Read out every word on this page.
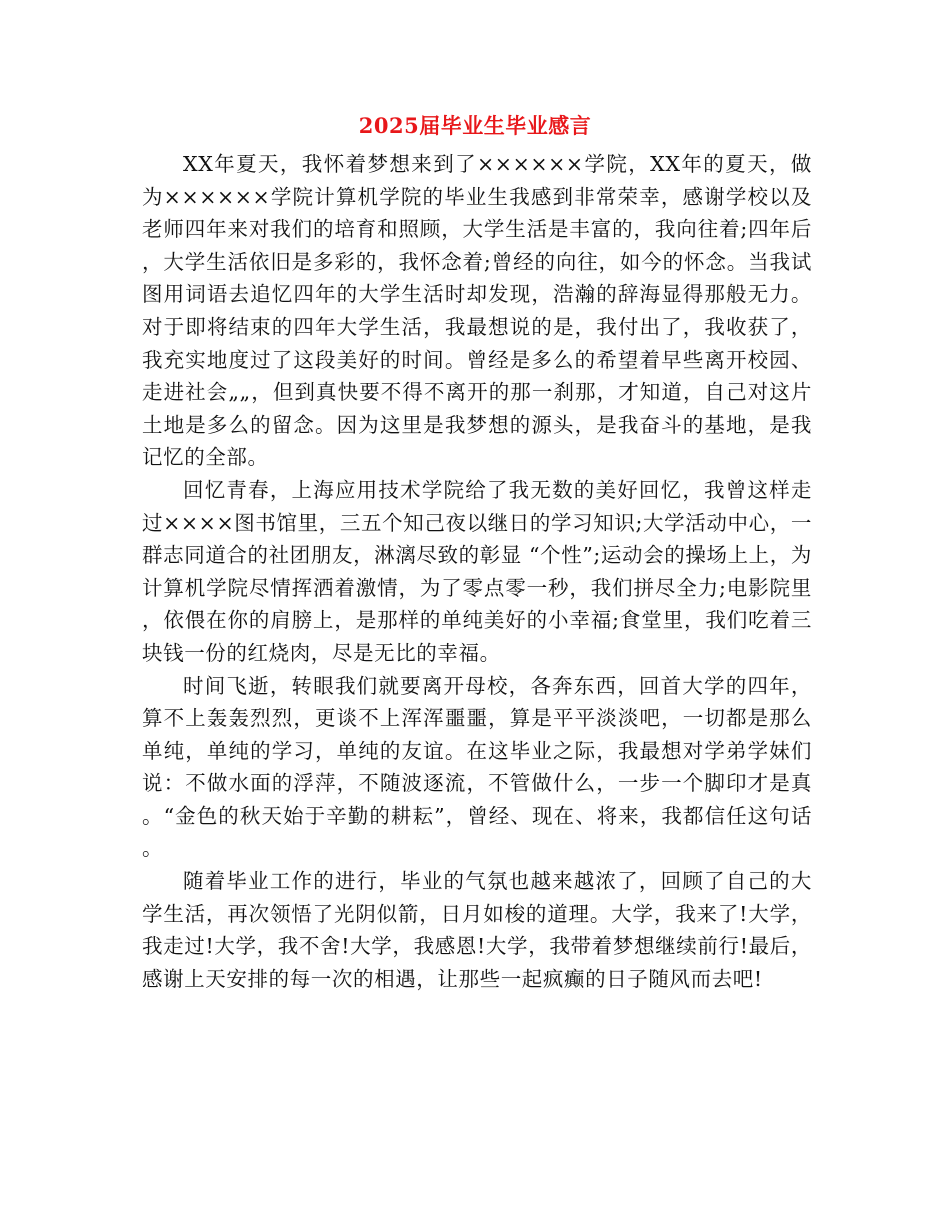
2025届毕业生毕业感言

XX年夏天，我怀着梦想来到了××××××学院，XX年的夏天，做为××××××学院计算机学院的毕业生我感到非常荣幸，感谢学校以及老师四年来对我们的培育和照顾，大学生活是丰富的，我向往着;四年后，大学生活依旧是多彩的，我怀念着;曾经的向往，如今的怀念。当我试图用词语去追忆四年的大学生活时却发现，浩瀚的辞海显得那般无力。对于即将结束的四年大学生活，我最想说的是，我付出了，我收获了，我充实地度过了这段美好的时间。曾经是多么的希望着早些离开校园、走进社会„„，但到真快要不得不离开的那一刹那，才知道，自己对这片土地是多么的留念。因为这里是我梦想的源头，是我奋斗的基地，是我记忆的全部。

回忆青春，上海应用技术学院给了我无数的美好回忆，我曾这样走过××××图书馆里，三五个知己夜以继日的学习知识;大学活动中心，一群志同道合的社团朋友，淋漓尽致的彰显 “个性”;运动会的操场上上，为计算机学院尽情挥洒着激情，为了零点零一秒，我们拼尽全力;电影院里，依偎在你的肩膀上，是那样的单纯美好的小幸福;食堂里，我们吃着三块钱一份的红烧肉，尽是无比的幸福。

时间飞逝，转眼我们就要离开母校，各奔东西，回首大学的四年，算不上轰轰烈烈，更谈不上浑浑噩噩，算是平平淡淡吧，一切都是那么单纯，单纯的学习，单纯的友谊。在这毕业之际，我最想对学弟学妹们说：不做水面的浮萍，不随波逐流，不管做什么，一步一个脚印才是真。“金色的秋天始于辛勤的耕耘”，曾经、现在、将来，我都信任这句话。

随着毕业工作的进行，毕业的气氛也越来越浓了，回顾了自己的大学生活，再次领悟了光阴似箭，日月如梭的道理。大学，我来了!大学，我走过!大学，我不舍!大学，我感恩!大学，我带着梦想继续前行!最后，感谢上天安排的每一次的相遇，让那些一起疯癫的日子随风而去吧!
